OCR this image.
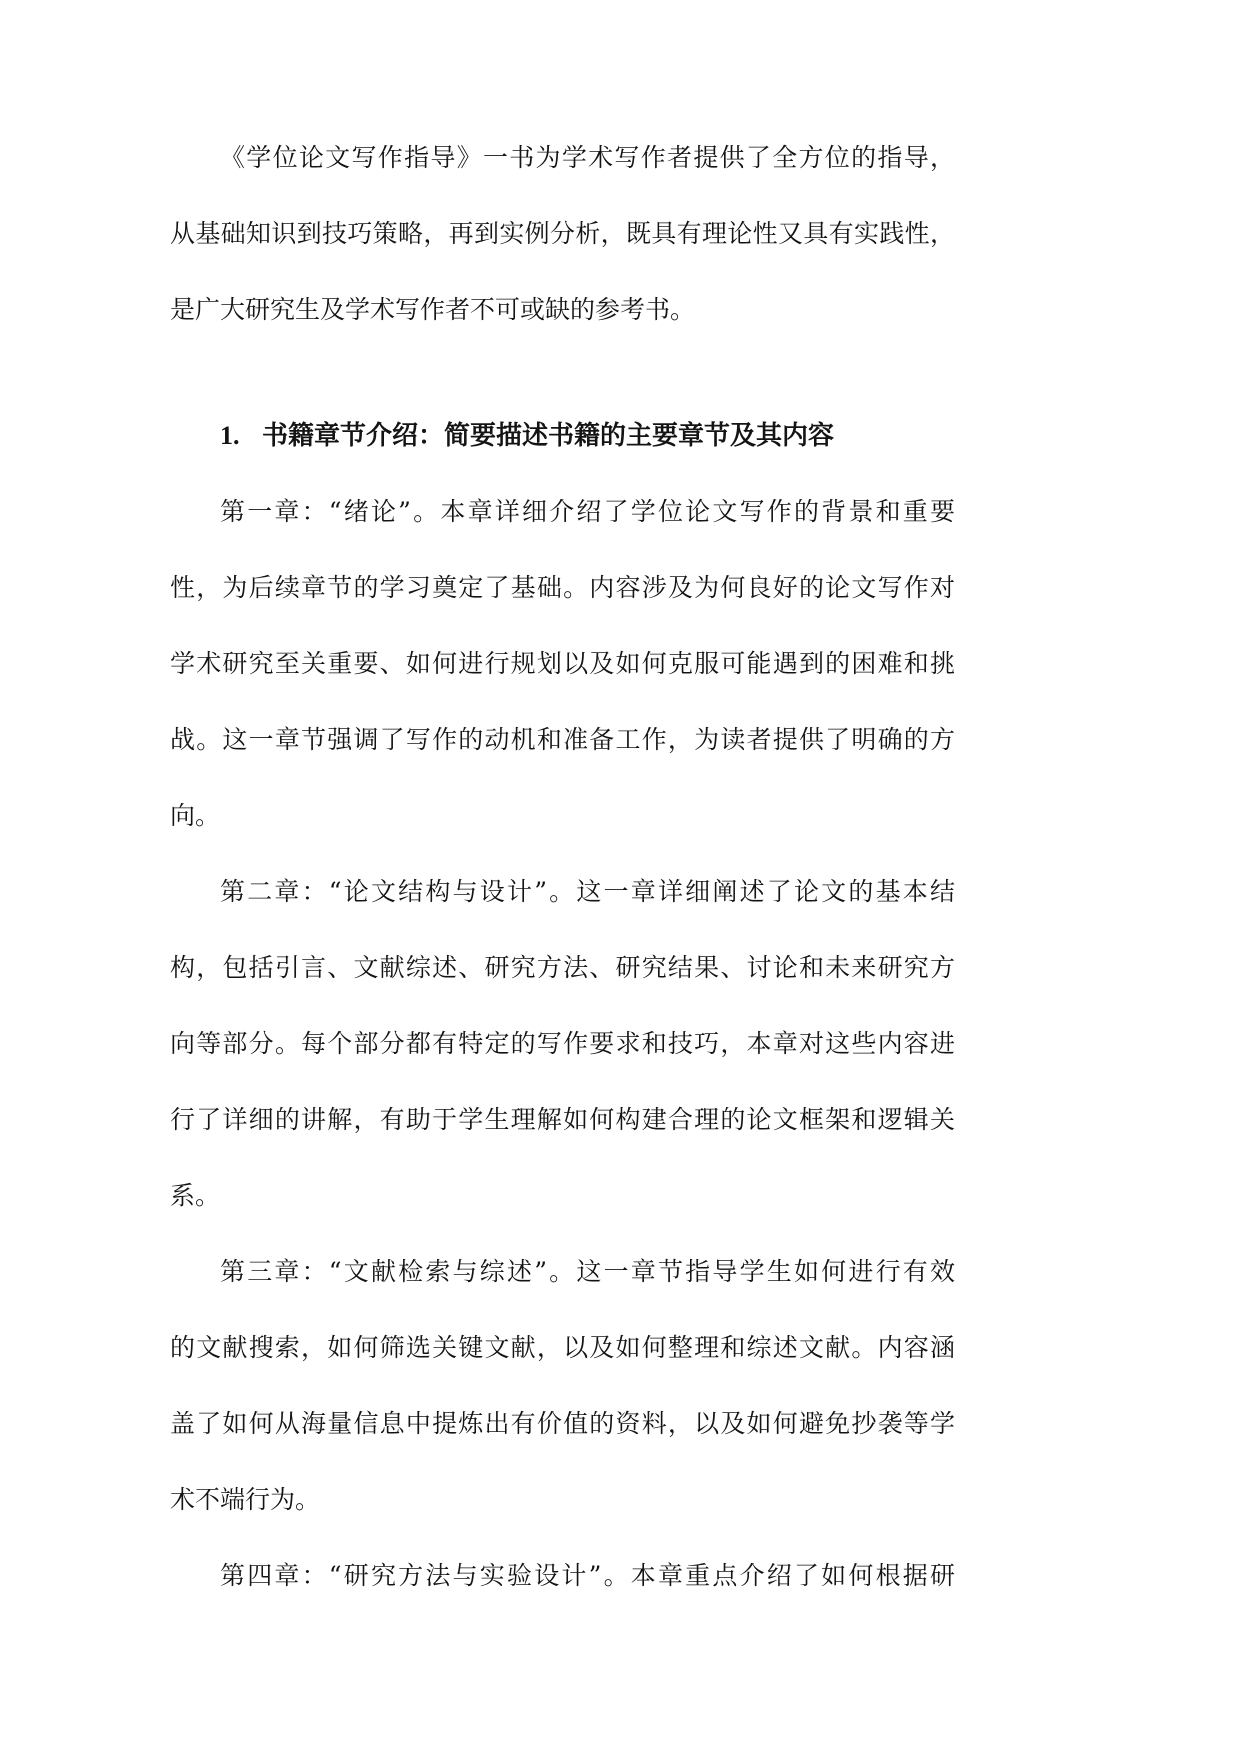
《学位论文写作指导》一书为学术写作者提供了全方位的指导，
从基础知识到技巧策略，再到实例分析，既具有理论性又具有实践性，
是广大研究生及学术写作者不可或缺的参考书。
1. 书籍章节介绍：简要描述书籍的主要章节及其内容
第一章：“绪论”。本章详细介绍了学位论文写作的背景和重要
性，为后续章节的学习奠定了基础。内容涉及为何良好的论文写作对
学术研究至关重要、如何进行规划以及如何克服可能遇到的困难和挑
战。这一章节强调了写作的动机和准备工作，为读者提供了明确的方
向。
第二章：“论文结构与设计”。这一章详细阐述了论文的基本结
构，包括引言、文献综述、研究方法、研究结果、讨论和未来研究方
向等部分。每个部分都有特定的写作要求和技巧，本章对这些内容进
行了详细的讲解，有助于学生理解如何构建合理的论文框架和逻辑关
系。
第三章：“文献检索与综述”。这一章节指导学生如何进行有效
的文献搜索，如何筛选关键文献，以及如何整理和综述文献。内容涵
盖了如何从海量信息中提炼出有价值的资料，以及如何避免抄袭等学
术不端行为。
第四章：“研究方法与实验设计”。本章重点介绍了如何根据研
